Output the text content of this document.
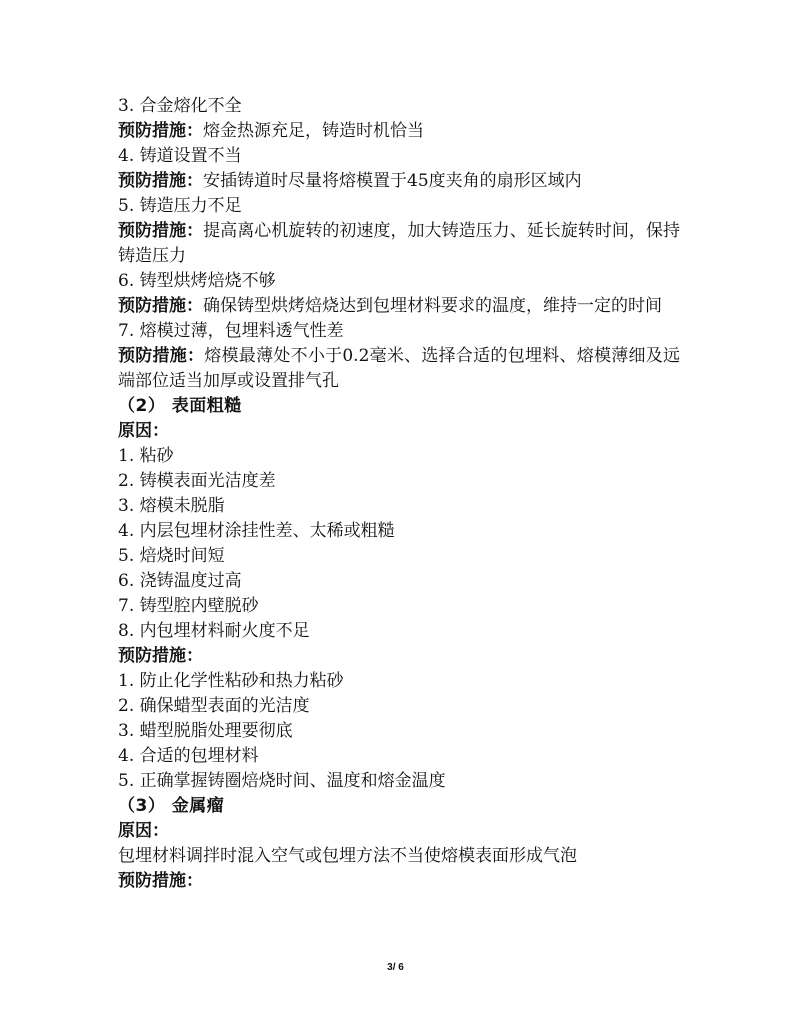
3. 合金熔化不全

预防措施：熔金热源充足，铸造时机恰当

4. 铸道设置不当

预防措施：安插铸道时尽量将熔模置于45度夹角的扇形区域内

5. 铸造压力不足

预防措施：提高离心机旋转的初速度，加大铸造压力、延长旋转时间，保持铸造压力

6. 铸型烘烤焙烧不够

预防措施：确保铸型烘烤焙烧达到包埋材料要求的温度，维持一定的时间

7. 熔模过薄，包埋料透气性差

预防措施：熔模最薄处不小于0.2毫米、选择合适的包埋料、熔模薄细及远端部位适当加厚或设置排气孔

（2） 表面粗糙

原因：

1. 粘砂

2. 铸模表面光洁度差

3. 熔模未脱脂

4. 内层包埋材涂挂性差、太稀或粗糙

5. 焙烧时间短

6. 浇铸温度过高

7. 铸型腔内壁脱砂

8. 内包埋材料耐火度不足

预防措施：

1. 防止化学性粘砂和热力粘砂

2. 确保蜡型表面的光洁度

3. 蜡型脱脂处理要彻底

4. 合适的包埋材料

5. 正确掌握铸圈焙烧时间、温度和熔金温度

（3） 金属瘤

原因：

包埋材料调拌时混入空气或包埋方法不当使熔模表面形成气泡

预防措施：

3/ 6
